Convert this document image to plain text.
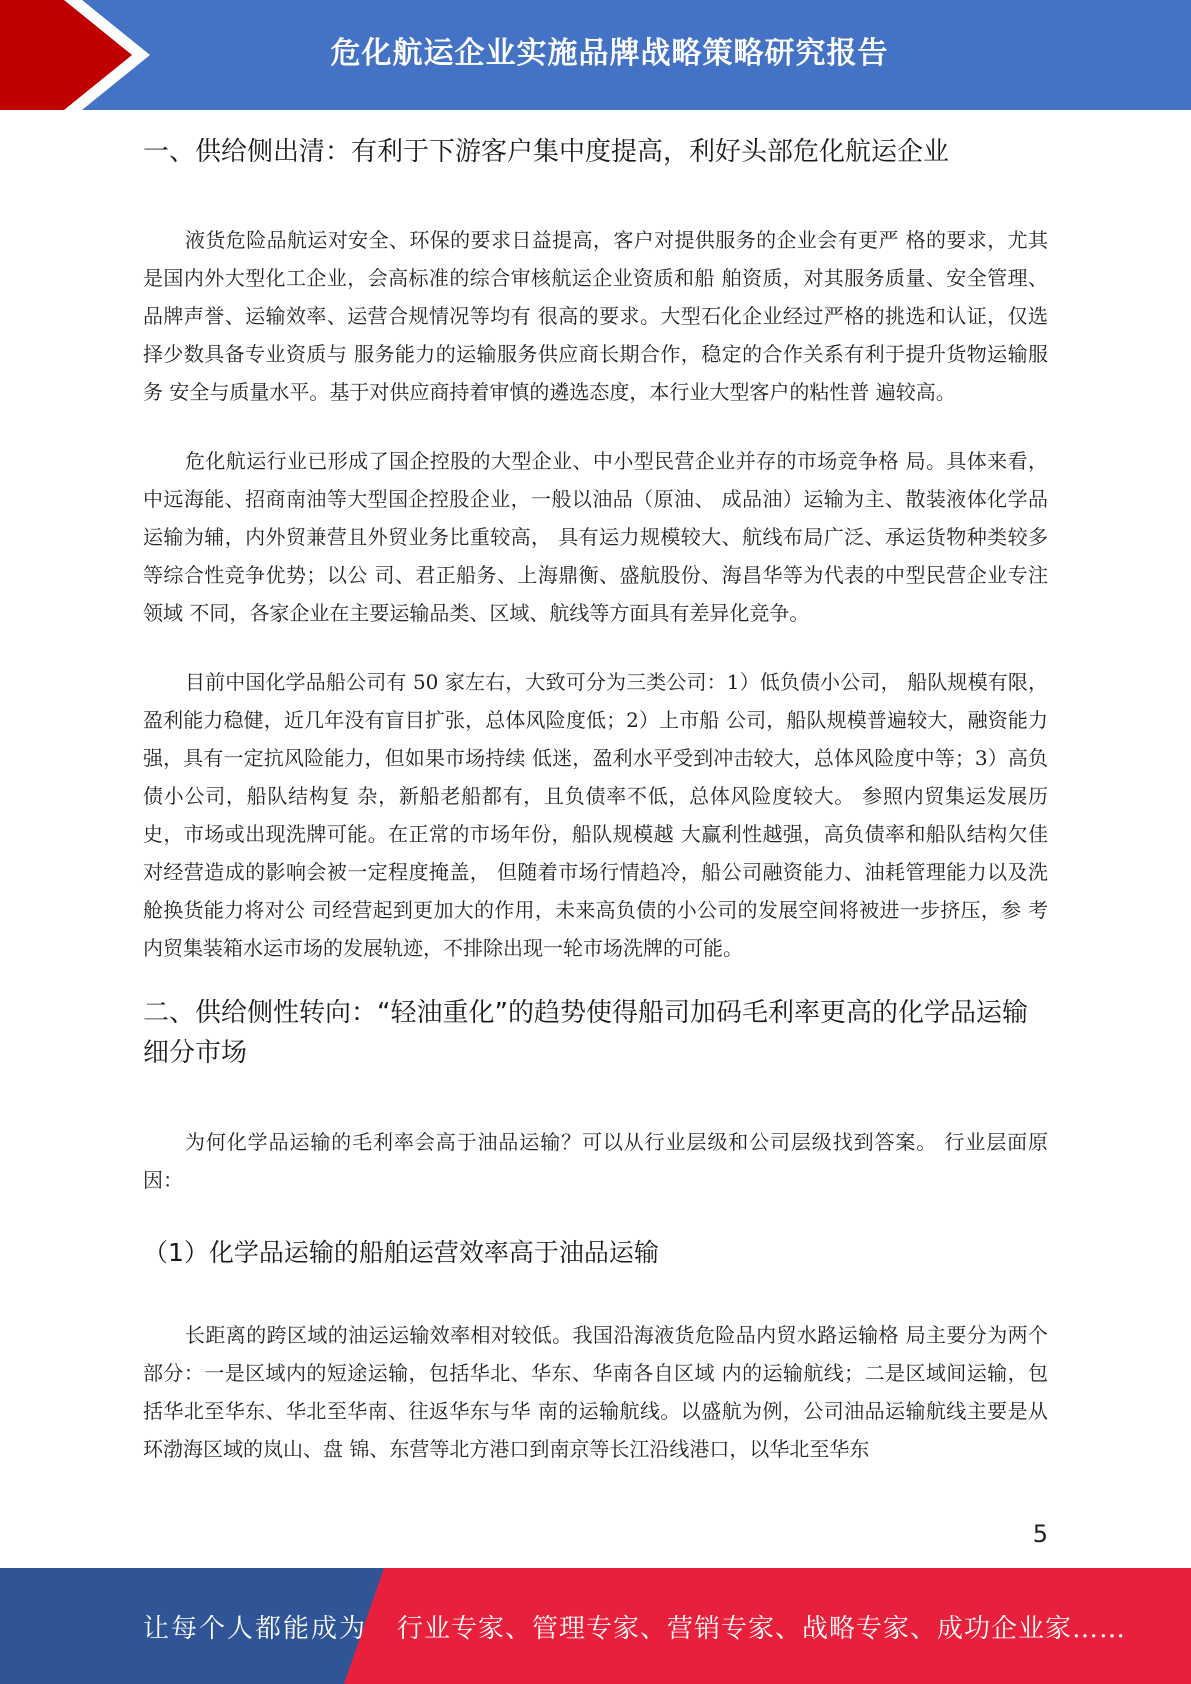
危化航运企业实施品牌战略策略研究报告
一、供给侧出清：有利于下游客户集中度提高，利好头部危化航运企业

液货危险品航运对安全、环保的要求日益提高，客户对提供服务的企业会有更严 格的要求，尤其是国内外大型化工企业，会高标准的综合审核航运企业资质和船 舶资质，对其服务质量、安全管理、品牌声誉、运输效率、运营合规情况等均有 很高的要求。大型石化企业经过严格的挑选和认证，仅选择少数具备专业资质与 服务能力的运输服务供应商长期合作，稳定的合作关系有利于提升货物运输服务 安全与质量水平。基于对供应商持着审慎的遴选态度，本行业大型客户的粘性普 遍较高。

危化航运行业已形成了国企控股的大型企业、中小型民营企业并存的市场竞争格 局。具体来看，中远海能、招商南油等大型国企控股企业，一般以油品（原油、 成品油）运输为主、散装液体化学品运输为辅，内外贸兼营且外贸业务比重较高， 具有运力规模较大、航线布局广泛、承运货物种类较多等综合性竞争优势；以公 司、君正船务、上海鼎衡、盛航股份、海昌华等为代表的中型民营企业专注领域 不同，各家企业在主要运输品类、区域、航线等方面具有差异化竞争。

目前中国化学品船公司有 50 家左右，大致可分为三类公司：1）低负债小公司， 船队规模有限，盈利能力稳健，近几年没有盲目扩张，总体风险度低；2）上市船 公司，船队规模普遍较大，融资能力强，具有一定抗风险能力，但如果市场持续 低迷，盈利水平受到冲击较大，总体风险度中等；3）高负债小公司，船队结构复 杂，新船老船都有，且负债率不低，总体风险度较大。 参照内贸集运发展历史，市场或出现洗牌可能。在正常的市场年份，船队规模越 大赢利性越强，高负债率和船队结构欠佳对经营造成的影响会被一定程度掩盖， 但随着市场行情趋冷，船公司融资能力、油耗管理能力以及洗舱换货能力将对公 司经营起到更加大的作用，未来高负债的小公司的发展空间将被进一步挤压，参 考内贸集装箱水运市场的发展轨迹，不排除出现一轮市场洗牌的可能。

二、供给侧性转向：“轻油重化”的趋势使得船司加码毛利率更高的化学品运输 细分市场

为何化学品运输的毛利率会高于油品运输？可以从行业层级和公司层级找到答案。 行业层面原因：

（1）化学品运输的船舶运营效率高于油品运输

长距离的跨区域的油运运输效率相对较低。我国沿海液货危险品内贸水路运输格 局主要分为两个部分：一是区域内的短途运输，包括华北、华东、华南各自区域 内的运输航线；二是区域间运输，包括华北至华东、华北至华南、往返华东与华 南的运输航线。以盛航为例，公司油品运输航线主要是从环渤海区域的岚山、盘 锦、东营等北方港口到南京等长江沿线港口，以华北至华东

5
让每个人都能成为 行业专家、管理专家、营销专家、战略专家、成功企业家……
